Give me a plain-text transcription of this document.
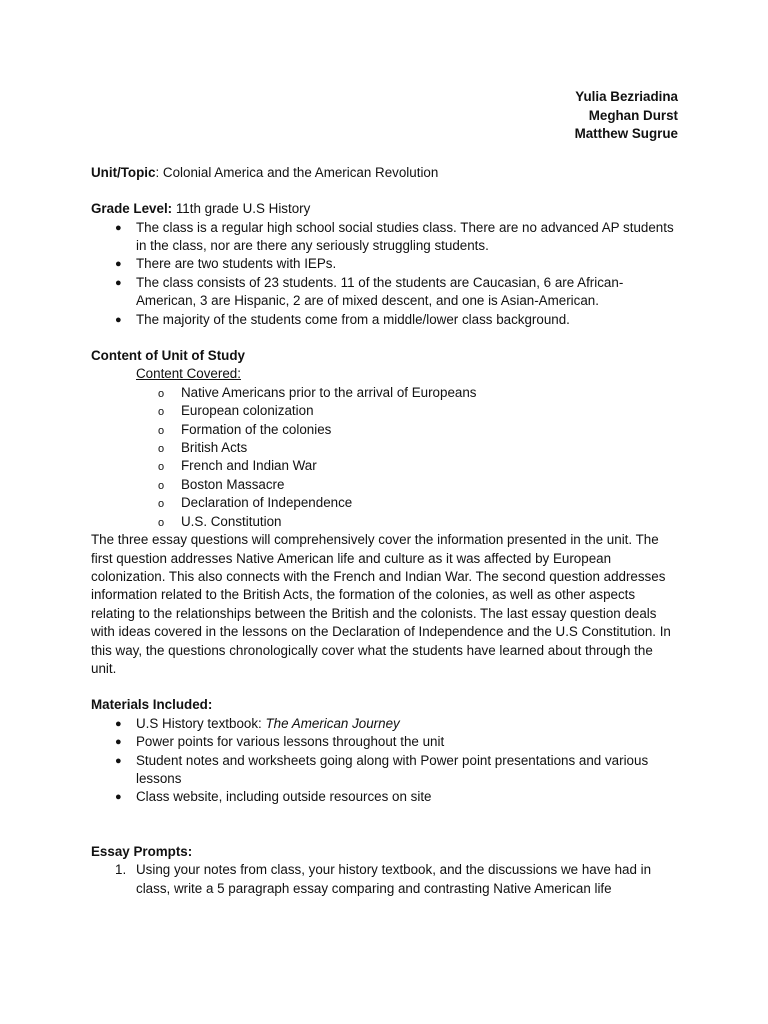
Yulia Bezriadina
Meghan Durst
Matthew Sugrue
Unit/Topic: Colonial America and the American Revolution
Grade Level: 11th grade U.S History
● The class is a regular high school social studies class. There are no advanced AP students in the class, nor are there any seriously struggling students.
● There are two students with IEPs.
● The class consists of 23 students. 11 of the students are Caucasian, 6 are African-American, 3 are Hispanic, 2 are of mixed descent, and one is Asian-American.
● The majority of the students come from a middle/lower class background.
Content of Unit of Study
Content Covered:
o Native Americans prior to the arrival of Europeans
o European colonization
o Formation of the colonies
o British Acts
o French and Indian War
o Boston Massacre
o Declaration of Independence
o U.S. Constitution

The three essay questions will comprehensively cover the information presented in the unit. The first question addresses Native American life and culture as it was affected by European colonization. This also connects with the French and Indian War. The second question addresses information related to the British Acts, the formation of the colonies, as well as other aspects relating to the relationships between the British and the colonists. The last essay question deals with ideas covered in the lessons on the Declaration of Independence and the U.S Constitution. In this way, the questions chronologically cover what the students have learned about through the unit.

Materials Included:
● U.S History textbook: The American Journey
● Power points for various lessons throughout the unit
● Student notes and worksheets going along with Power point presentations and various lessons
● Class website, including outside resources on site
Essay Prompts:
1. Using your notes from class, your history textbook, and the discussions we have had in class, write a 5 paragraph essay comparing and contrasting Native American life
